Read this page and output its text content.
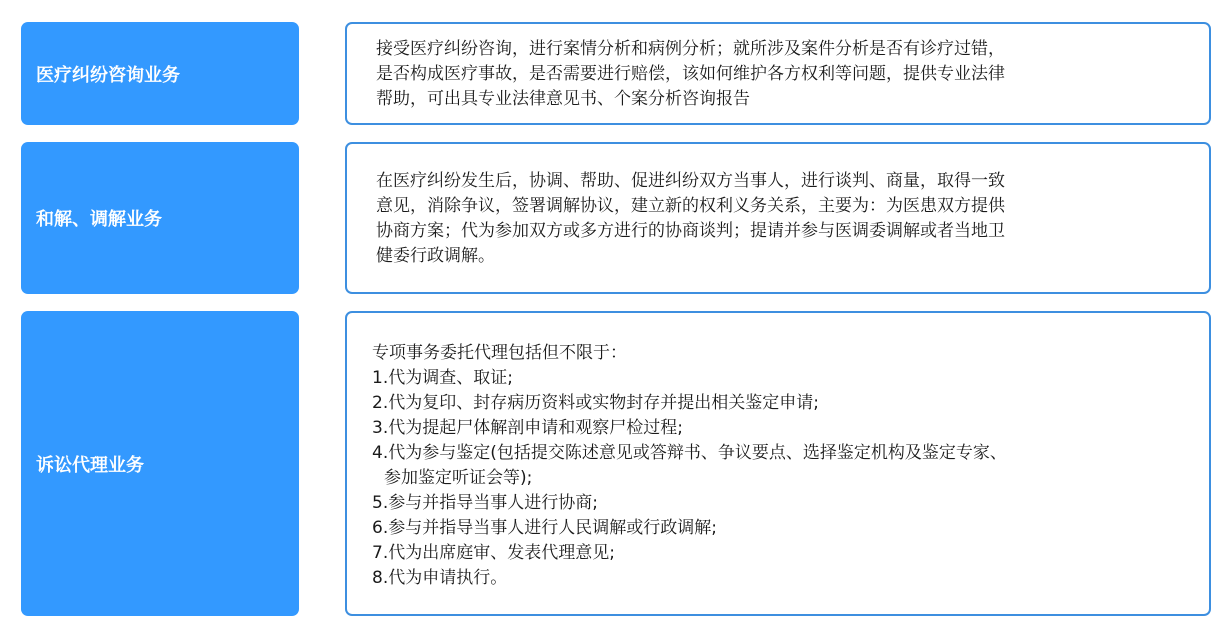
医疗纠纷咨询业务

接受医疗纠纷咨询，进行案情分析和病例分析；就所涉及案件分析是否有诊疗过错，

是否构成医疗事故，是否需要进行赔偿，该如何维护各方权利等问题，提供专业法律

帮助，可出具专业法律意见书、个案分析咨询报告

和解、调解业务

在医疗纠纷发生后，协调、帮助、促进纠纷双方当事人，进行谈判、商量，取得一致

意见，消除争议，签署调解协议，建立新的权利义务关系，主要为：为医患双方提供

协商方案；代为参加双方或多方进行的协商谈判；提请并参与医调委调解或者当地卫

健委行政调解。

诉讼代理业务

专项事务委托代理包括但不限于：

1.代为调查、取证;

2.代为复印、封存病历资料或实物封存并提出相关鉴定申请;

3.代为提起尸体解剖申请和观察尸检过程;

4.代为参与鉴定(包括提交陈述意见或答辩书、争议要点、选择鉴定机构及鉴定专家、

参加鉴定听证会等);

5.参与并指导当事人进行协商;

6.参与并指导当事人进行人民调解或行政调解;

7.代为出席庭审、发表代理意见;

8.代为申请执行。
